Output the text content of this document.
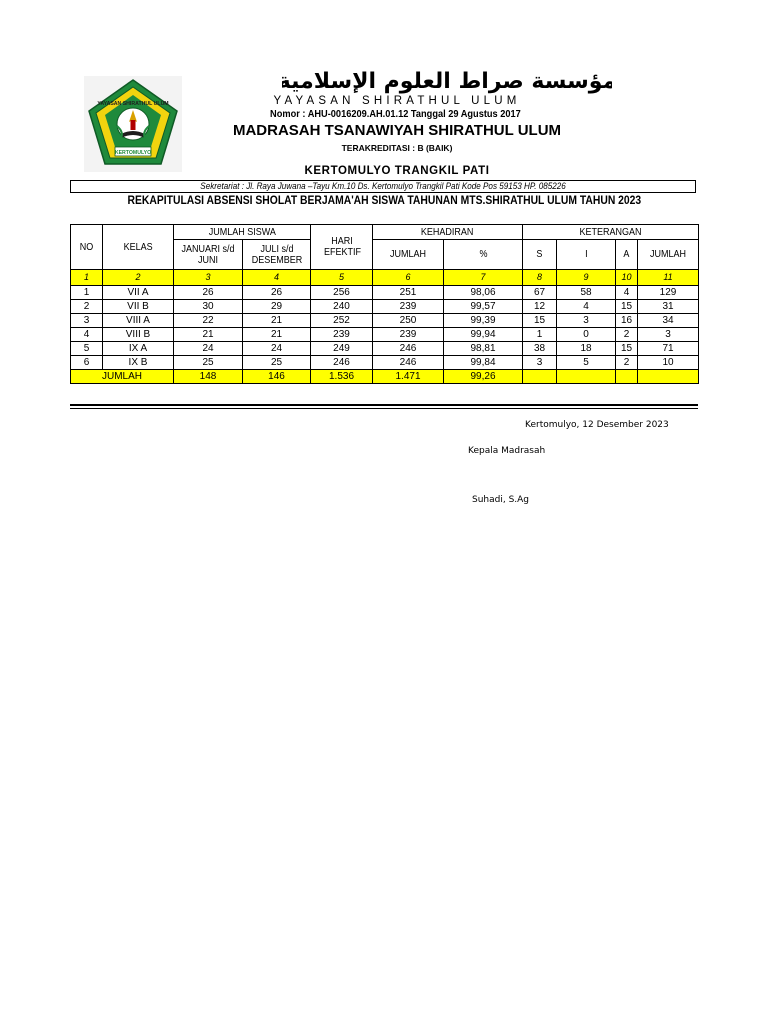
YAYASAN SHIRATHUL ULUM
KERTOMULYO
مؤسسة صراط العلوم الإسلامية
YAYASAN SHIRATHUL ULUM
Nomor : AHU-0016209.AH.01.12 Tanggal 29 Agustus 2017
MADRASAH TSANAWIYAH SHIRATHUL ULUM
TERAKREDITASI : B (BAIK)
KERTOMULYO TRANGKIL PATI
Sekretariat : Jl. Raya Juwana –Tayu Km.10 Ds. Kertomulyo Trangkil Pati Kode Pos 59153 HP. 085226
REKAPITULASI ABSENSI SHOLAT BERJAMA'AH SISWA TAHUNAN MTS.SHIRATHUL ULUM TAHUN 2023
NO	KELAS	JUMLAH SISWA		HARI EFEKTIF	KEHADIRAN		KETERANGAN			
		JANUARI s/d JUNI	JULI s/d DESEMBER		JUMLAH	%	S	I	A	JUMLAH
1	2	3	4	5	6	7	8	9	10	11
1	VII A	26	26	256	251	98,06	67	58	4	129
2	VII B	30	29	240	239	99,57	12	4	15	31
3	VIII A	22	21	252	250	99,39	15	3	16	34
4	VIII B	21	21	239	239	99,94	1	0	2	3
5	IX A	24	24	249	246	98,81	38	18	15	71
6	IX B	25	25	246	246	99,84	3	5	2	10
JUMLAH		148	146	1.536	1.471	99,26				
Kertomulyo, 12 Desember 2023
Kepala Madrasah
Suhadi, S.Ag
